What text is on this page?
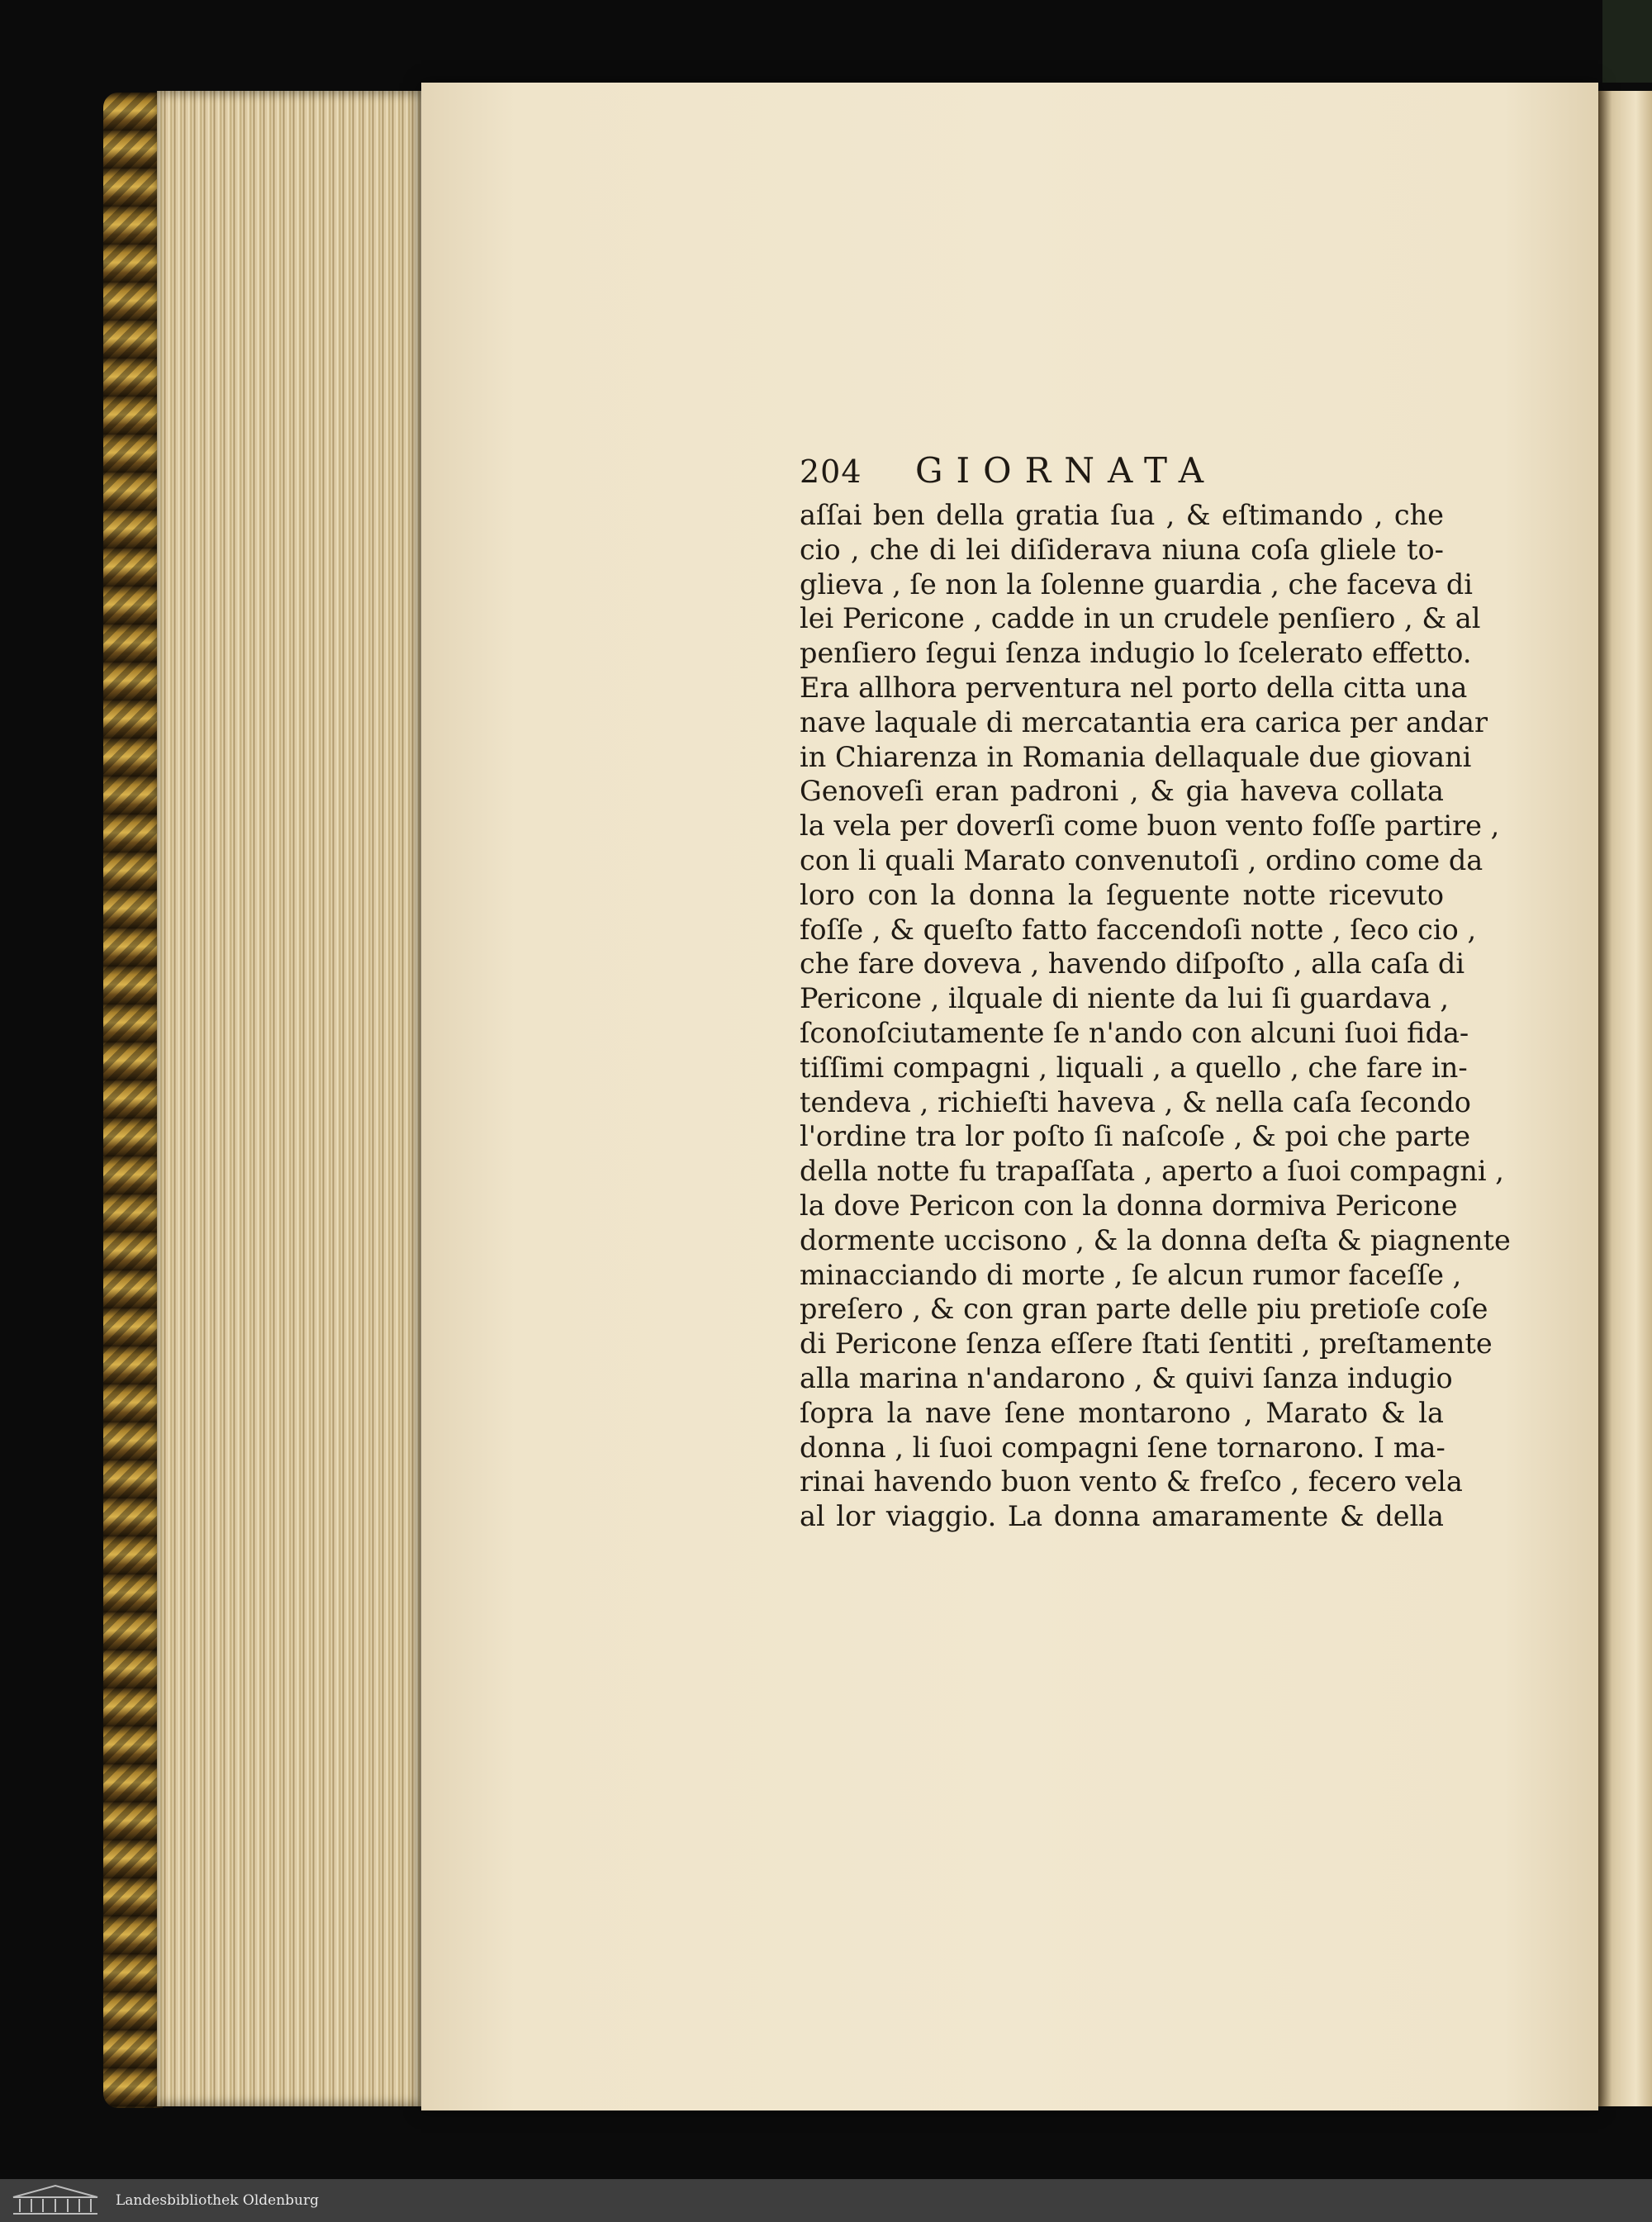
204	GIORNATA
aſſai ben della gratia ſua , & eſtimando , che
cio , che di lei diſiderava niuna coſa gliele to-
glieva , ſe non la ſolenne guardia , che faceva di
lei Pericone , cadde in un crudele penſiero , & al
penſiero ſegui ſenza indugio lo ſcelerato effetto.
Era allhora perventura nel porto della citta una
nave laquale di mercatantia era carica per andar
in Chiarenza in Romania dellaquale due giovani
Genoveſi eran padroni , & gia haveva collata
la vela per doverſi come buon vento foſſe partire ,
con li quali Marato convenutoſi , ordino come da
loro con la donna la ſeguente notte ricevuto
foſſe , & queſto fatto faccendoſi notte , ſeco cio ,
che fare doveva , havendo diſpoſto , alla caſa di
Pericone , ilquale di niente da lui ſi guardava ,
ſconoſciutamente ſe n'ando con alcuni ſuoi fida-
tiſſimi compagni , liquali , a quello , che fare in-
tendeva , richieſti haveva , & nella caſa ſecondo
l'ordine tra lor poſto ſi naſcoſe , & poi che parte
della notte fu trapaſſata , aperto a ſuoi compagni ,
la dove Pericon con la donna dormiva Pericone
dormente uccisono , & la donna deſta & piagnente
minacciando di morte , ſe alcun rumor faceſſe ,
preſero , & con gran parte delle piu pretioſe coſe
di Pericone ſenza eſſere ſtati ſentiti , preſtamente
alla marina n'andarono , & quivi ſanza indugio
ſopra la nave ſene montarono , Marato & la
donna , li ſuoi compagni ſene tornarono. I ma-
rinai havendo buon vento & freſco , fecero vela
al lor viaggio. La donna amaramente & della
Landesbibliothek Oldenburg
